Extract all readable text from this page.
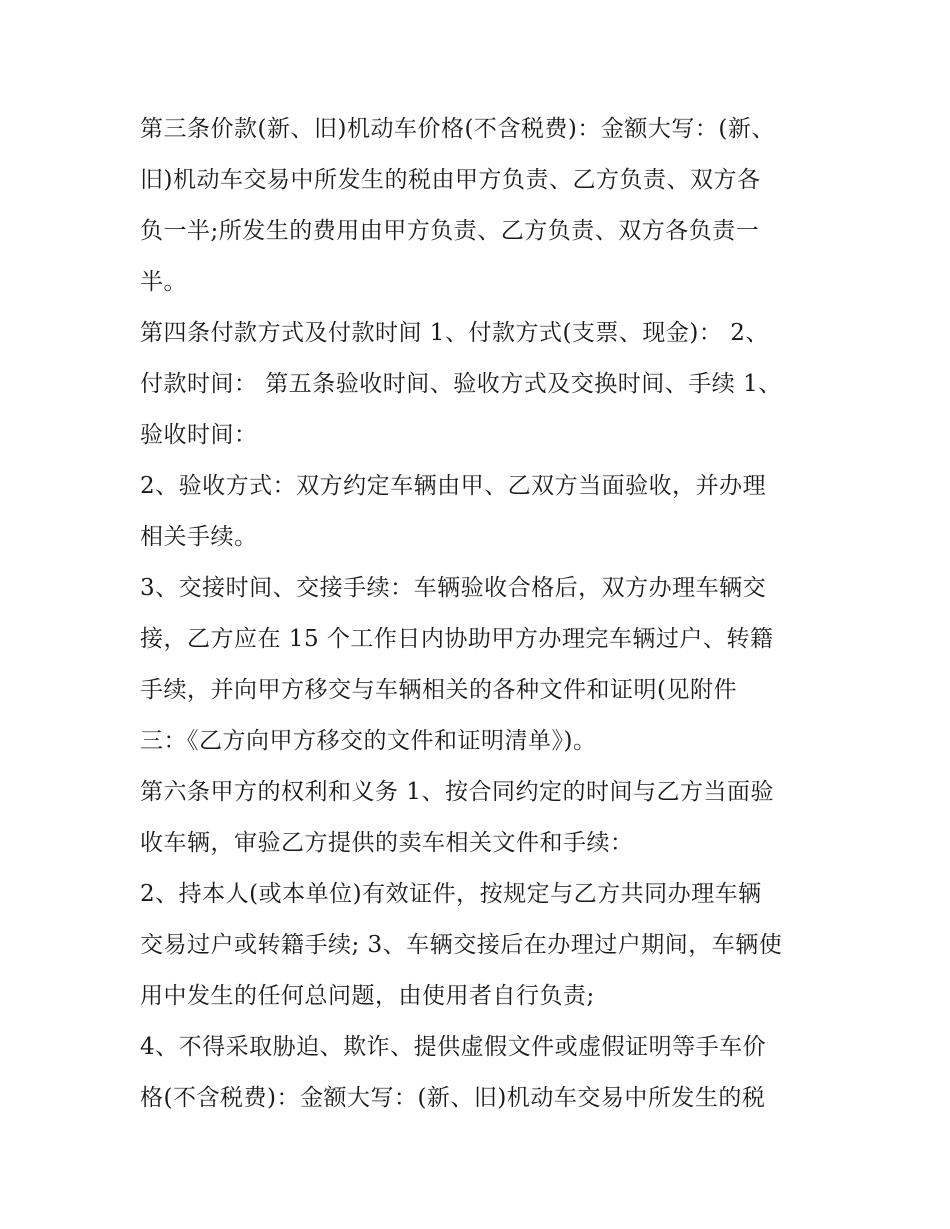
第三条价款(新、旧)机动车价格(不含税费)：金额大写：(新、
旧)机动车交易中所发生的税由甲方负责、乙方负责、双方各
负一半;所发生的费用由甲方负责、乙方负责、双方各负责一
半。
第四条付款方式及付款时间 1、付款方式(支票、现金)： 2、
付款时间： 第五条验收时间、验收方式及交换时间、手续 1、
验收时间：
2、验收方式：双方约定车辆由甲、乙双方当面验收，并办理
相关手续。
3、交接时间、交接手续：车辆验收合格后，双方办理车辆交
接，乙方应在 15 个工作日内协助甲方办理完车辆过户、转籍
手续，并向甲方移交与车辆相关的各种文件和证明(见附件
三：《乙方向甲方移交的文件和证明清单》)。
第六条甲方的权利和义务 1、按合同约定的时间与乙方当面验
收车辆，审验乙方提供的卖车相关文件和手续：
2、持本人(或本单位)有效证件，按规定与乙方共同办理车辆
交易过户或转籍手续; 3、车辆交接后在办理过户期间，车辆使
用中发生的任何总问题，由使用者自行负责;
4、不得采取胁迫、欺诈、提供虚假文件或虚假证明等手车价
格(不含税费)：金额大写：(新、旧)机动车交易中所发生的税
